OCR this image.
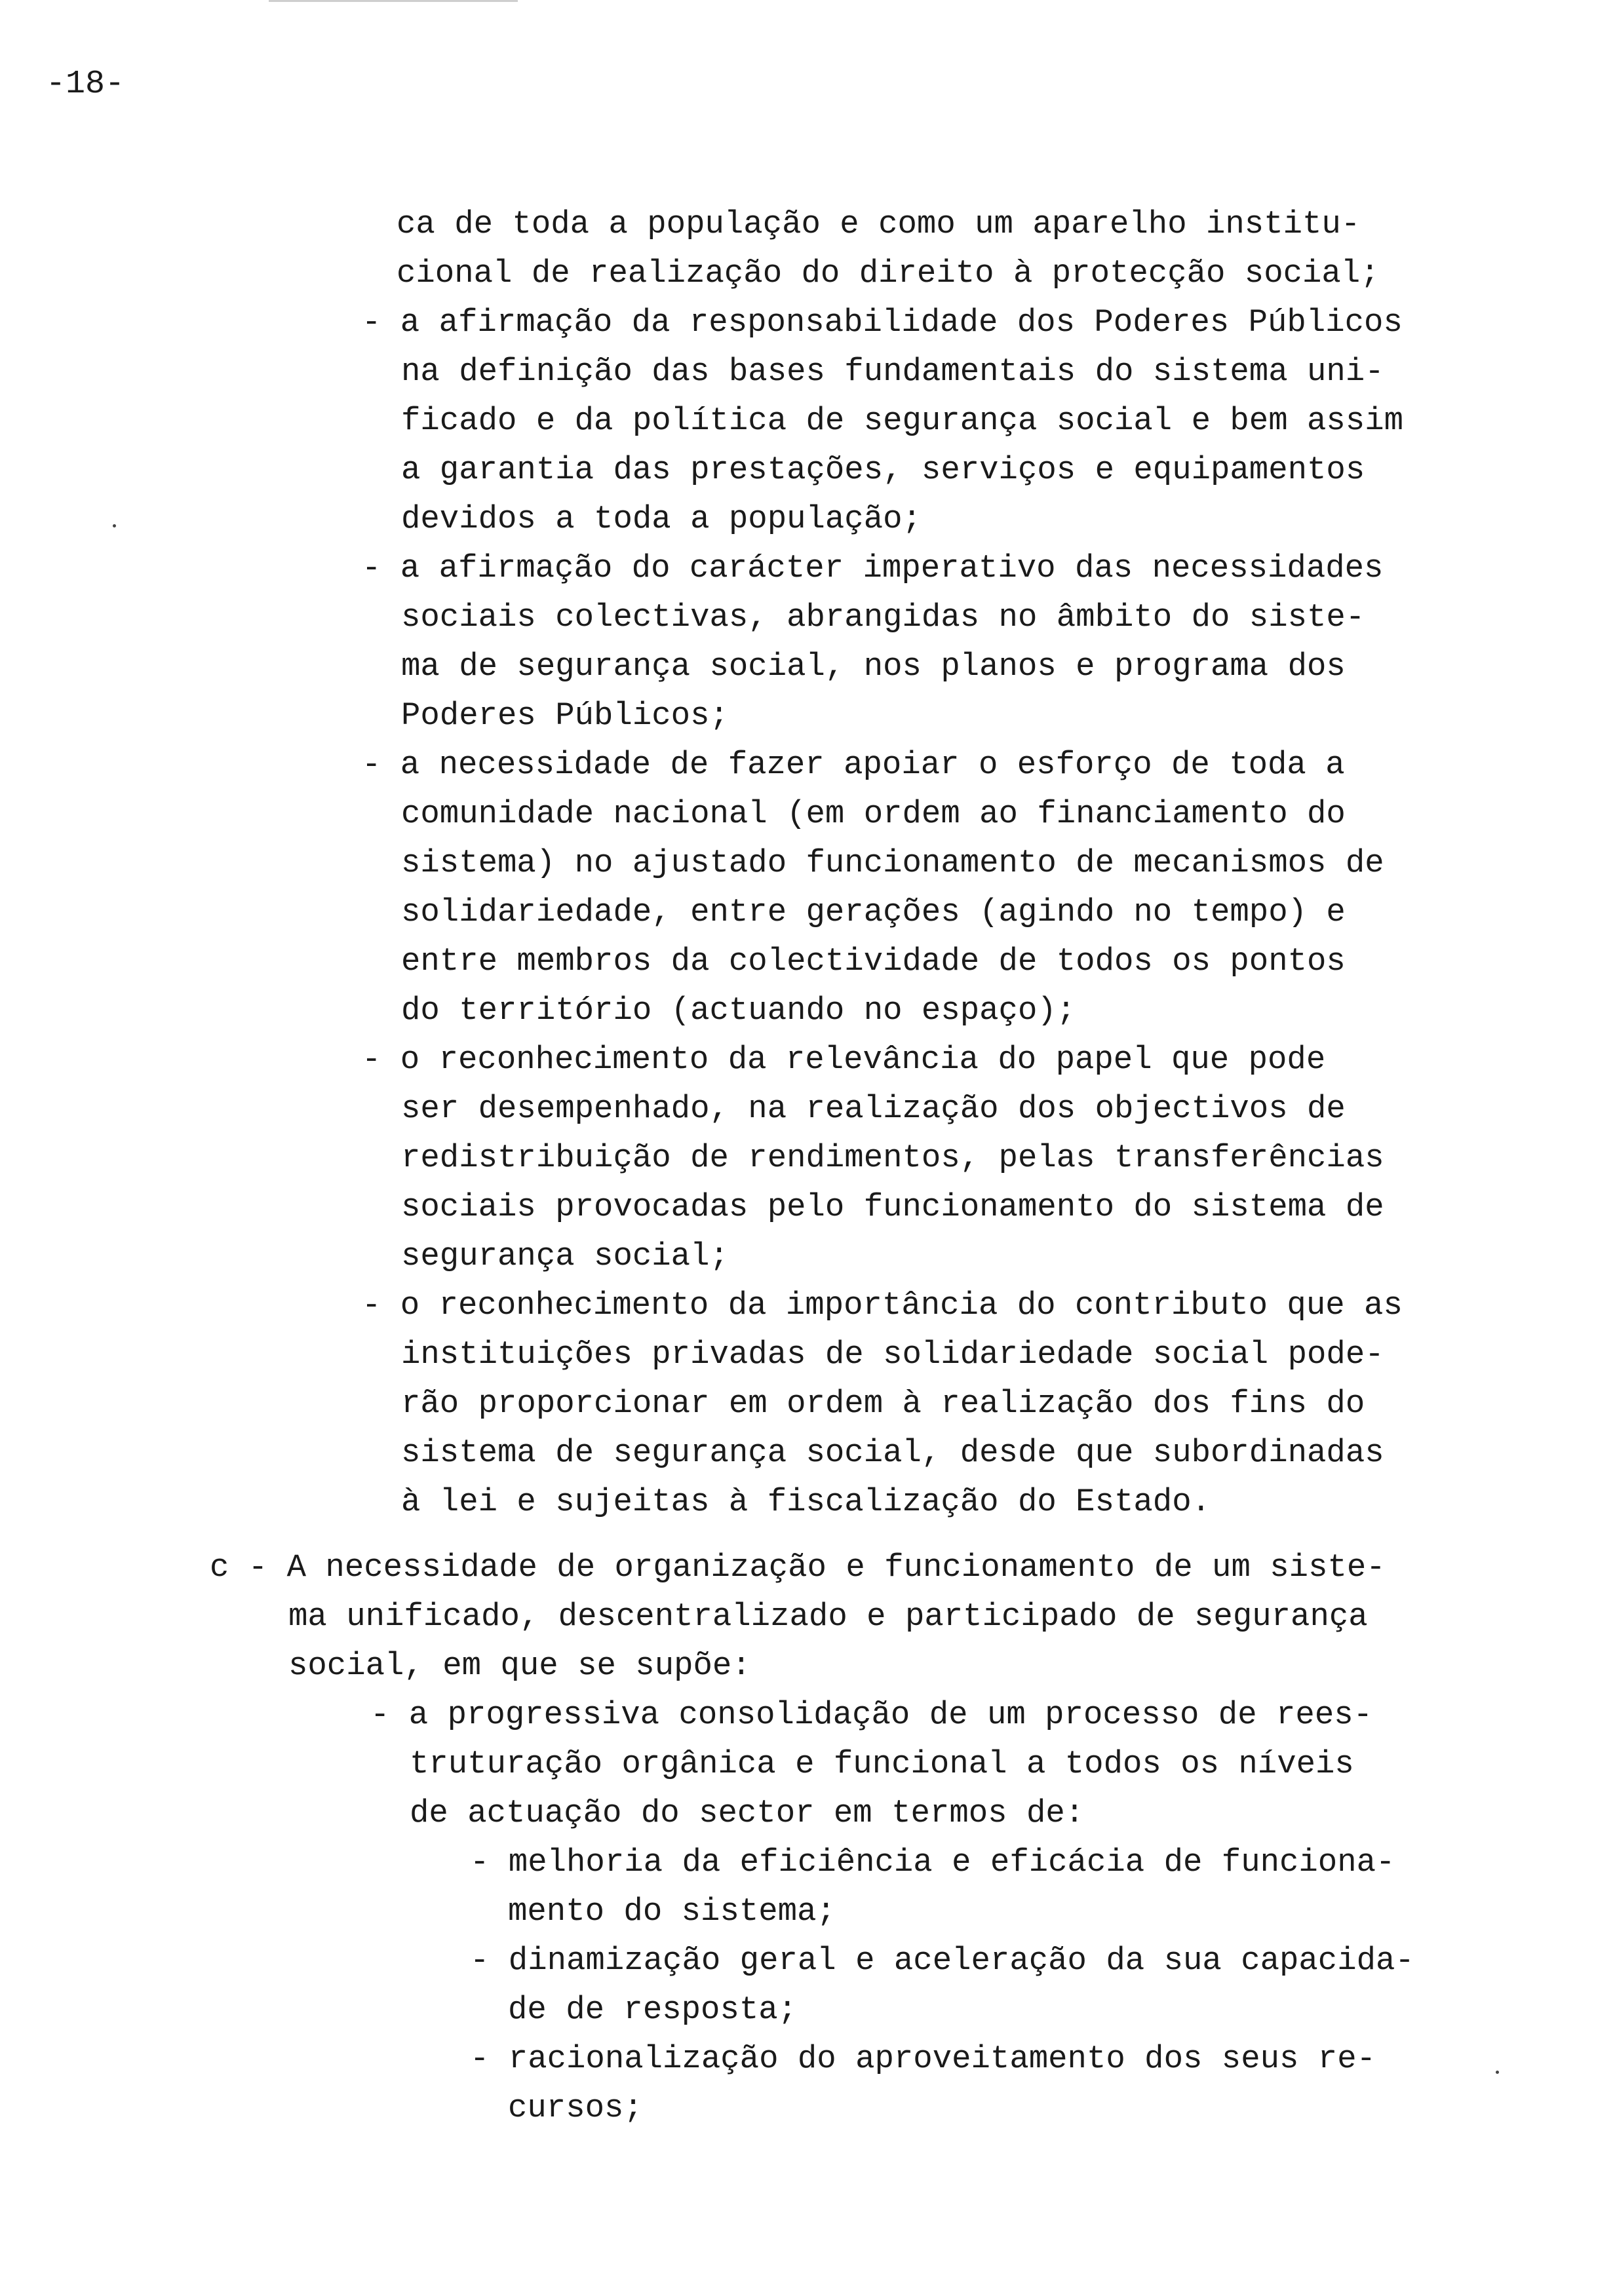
-18-
ca de toda a população e como um aparelho institu-
cional de realização do direito à protecção social;
- a afirmação da responsabilidade dos Poderes Públicos
na definição das bases fundamentais do sistema uni-
ficado e da política de segurança social e bem assim
a garantia das prestações, serviços e equipamentos
devidos a toda a população;
- a afirmação do carácter imperativo das necessidades
sociais colectivas, abrangidas no âmbito do siste-
ma de segurança social, nos planos e programa dos
Poderes Públicos;
- a necessidade de fazer apoiar o esforço de toda a
comunidade nacional (em ordem ao financiamento do
sistema) no ajustado funcionamento de mecanismos de
solidariedade, entre gerações (agindo no tempo) e
entre membros da colectividade de todos os pontos
do território (actuando no espaço);
- o reconhecimento da relevância do papel que pode
ser desempenhado, na realização dos objectivos de
redistribuição de rendimentos, pelas transferências
sociais provocadas pelo funcionamento do sistema de
segurança social;
- o reconhecimento da importância do contributo que as
instituições privadas de solidariedade social pode-
rão proporcionar em ordem à realização dos fins do
sistema de segurança social, desde que subordinadas
à lei e sujeitas à fiscalização do Estado.
c - A necessidade de organização e funcionamento de um siste-
ma unificado, descentralizado e participado de segurança
social, em que se supõe:
- a progressiva consolidação de um processo de rees-
truturação orgânica e funcional a todos os níveis
de actuação do sector em termos de:
- melhoria da eficiência e eficácia de funciona-
mento do sistema;
- dinamização geral e aceleração da sua capacida-
de de resposta;
- racionalização do aproveitamento dos seus re-
cursos;
